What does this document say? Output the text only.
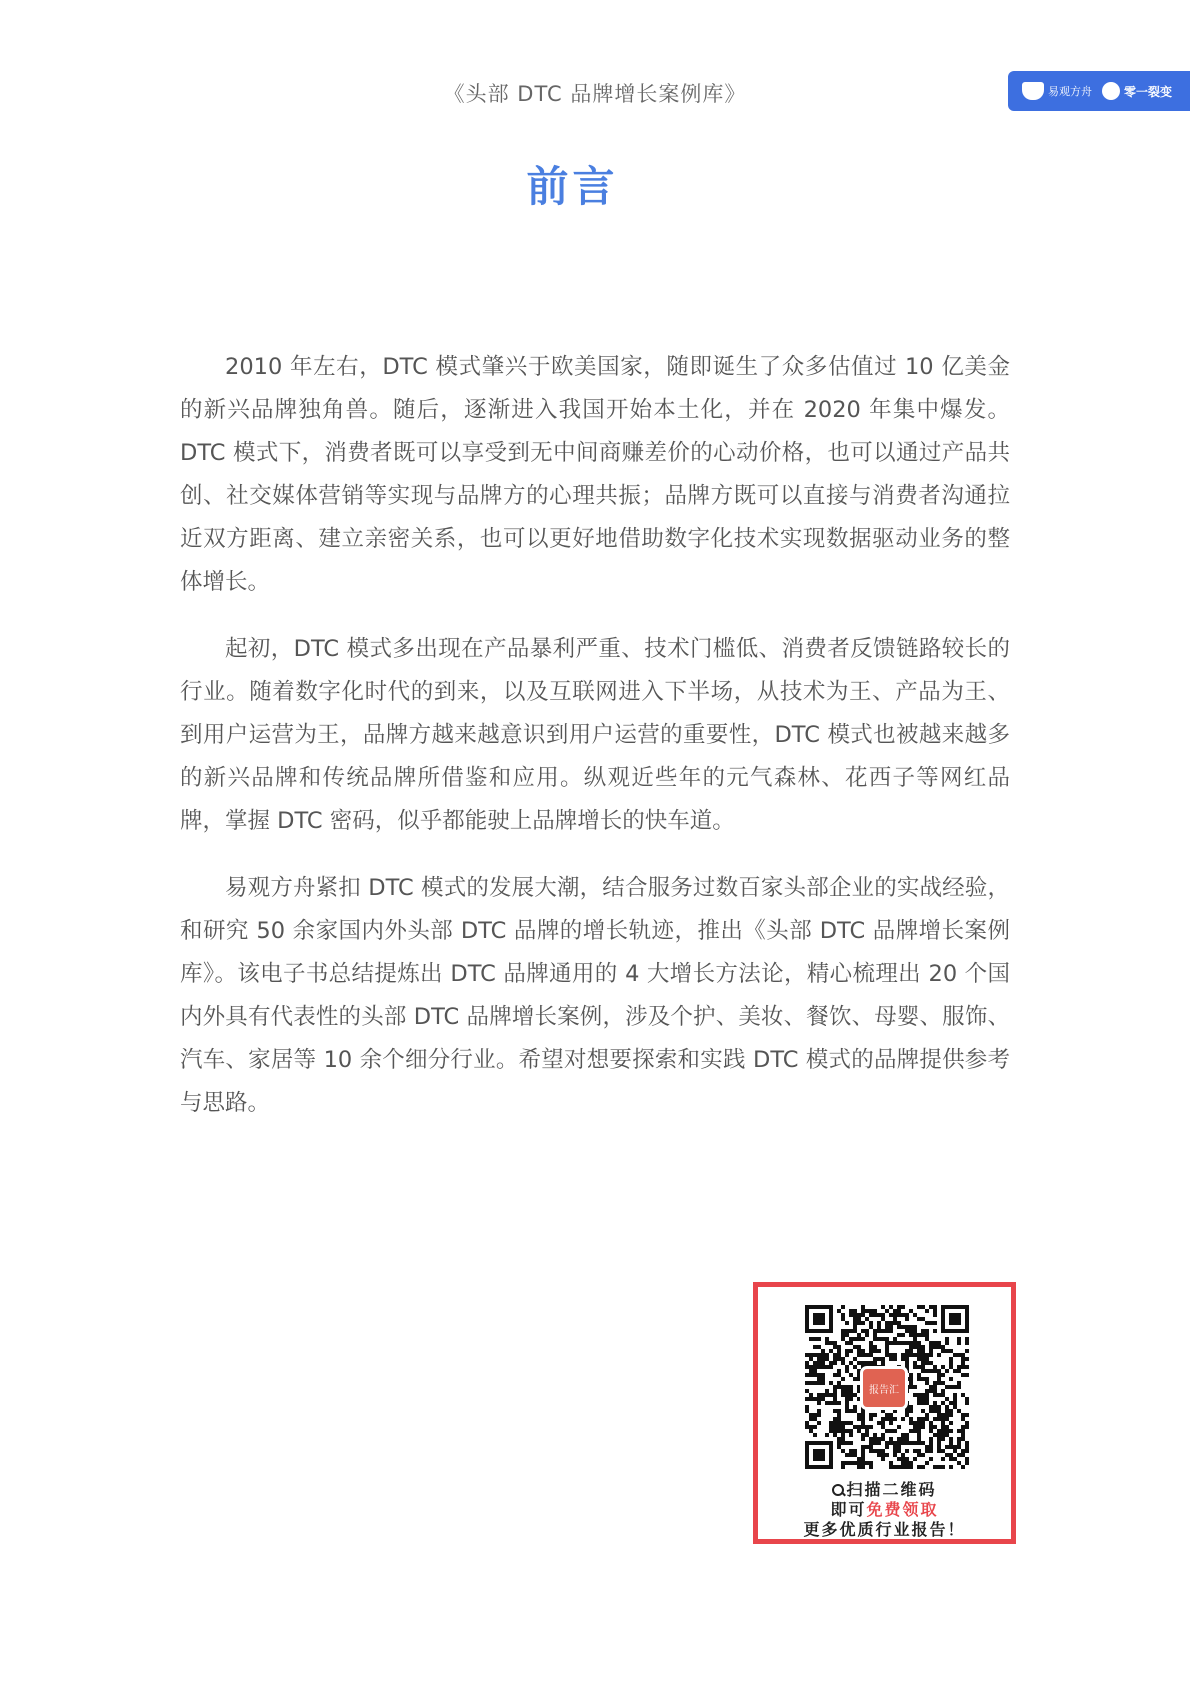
《头部 DTC 品牌增长案例库》	易观方舟	零一裂变
前言

2010 年左右，DTC 模式肇兴于欧美国家，随即诞生了众多估值过 10 亿美金的新兴品牌独角兽。随后，逐渐进入我国开始本土化，并在 2020 年集中爆发。DTC 模式下，消费者既可以享受到无中间商赚差价的心动价格，也可以通过产品共创、社交媒体营销等实现与品牌方的心理共振；品牌方既可以直接与消费者沟通拉近双方距离、建立亲密关系，也可以更好地借助数字化技术实现数据驱动业务的整体增长。

起初，DTC 模式多出现在产品暴利严重、技术门槛低、消费者反馈链路较长的行业。随着数字化时代的到来，以及互联网进入下半场，从技术为王、产品为王、到用户运营为王，品牌方越来越意识到用户运营的重要性，DTC 模式也被越来越多的新兴品牌和传统品牌所借鉴和应用。纵观近些年的元气森林、花西子等网红品牌，掌握 DTC 密码，似乎都能驶上品牌增长的快车道。

易观方舟紧扣 DTC 模式的发展大潮，结合服务过数百家头部企业的实战经验，和研究 50 余家国内外头部 DTC 品牌的增长轨迹，推出《头部 DTC 品牌增长案例库》。该电子书总结提炼出 DTC 品牌通用的 4 大增长方法论，精心梳理出 20 个国内外具有代表性的头部 DTC 品牌增长案例，涉及个护、美妆、餐饮、母婴、服饰、汽车、家居等 10 余个细分行业。希望对想要探索和实践 DTC 模式的品牌提供参考与思路。

报告汇
扫描二维码
即可免费领取
更多优质行业报告！
